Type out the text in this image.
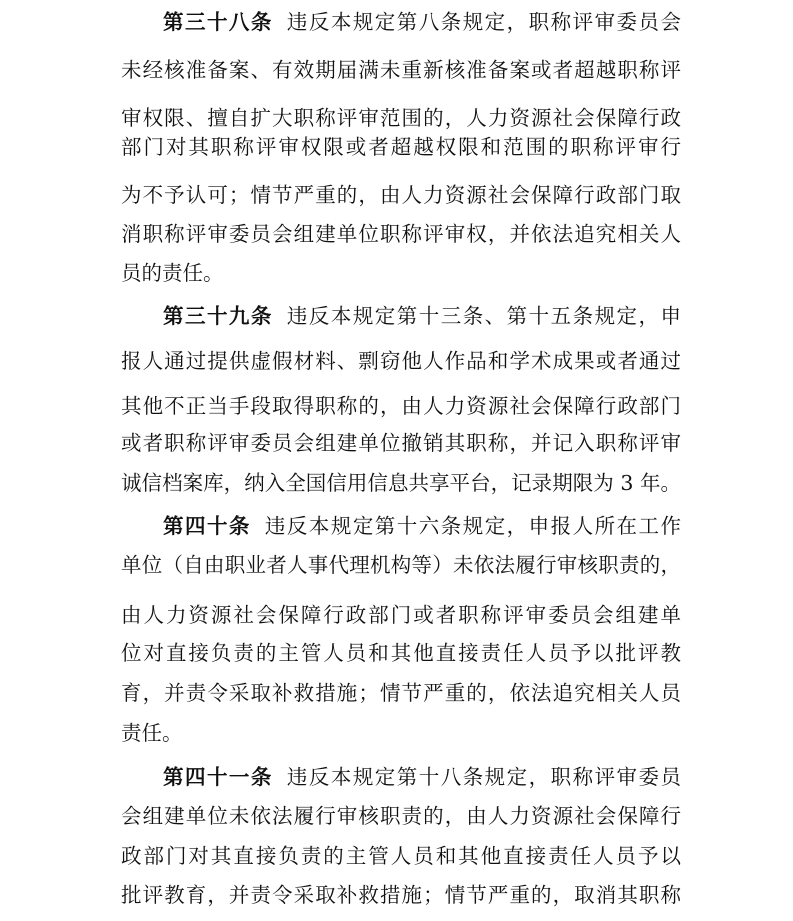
第三十八条 违反本规定第八条规定，职称评审委员会
未经核准备案、有效期届满未重新核准备案或者超越职称评
审权限、擅自扩大职称评审范围的，人力资源社会保障行政
部门对其职称评审权限或者超越权限和范围的职称评审行
为不予认可；情节严重的，由人力资源社会保障行政部门取
消职称评审委员会组建单位职称评审权，并依法追究相关人
员的责任。
第三十九条 违反本规定第十三条、第十五条规定，申
报人通过提供虚假材料、剽窃他人作品和学术成果或者通过
其他不正当手段取得职称的，由人力资源社会保障行政部门
或者职称评审委员会组建单位撤销其职称，并记入职称评审
诚信档案库，纳入全国信用信息共享平台，记录期限为 3 年。
第四十条 违反本规定第十六条规定，申报人所在工作
单位（自由职业者人事代理机构等）未依法履行审核职责的，
由人力资源社会保障行政部门或者职称评审委员会组建单
位对直接负责的主管人员和其他直接责任人员予以批评教
育，并责令采取补救措施；情节严重的，依法追究相关人员
责任。
第四十一条 违反本规定第十八条规定，职称评审委员
会组建单位未依法履行审核职责的，由人力资源社会保障行
政部门对其直接负责的主管人员和其他直接责任人员予以
批评教育，并责令采取补救措施；情节严重的，取消其职称
